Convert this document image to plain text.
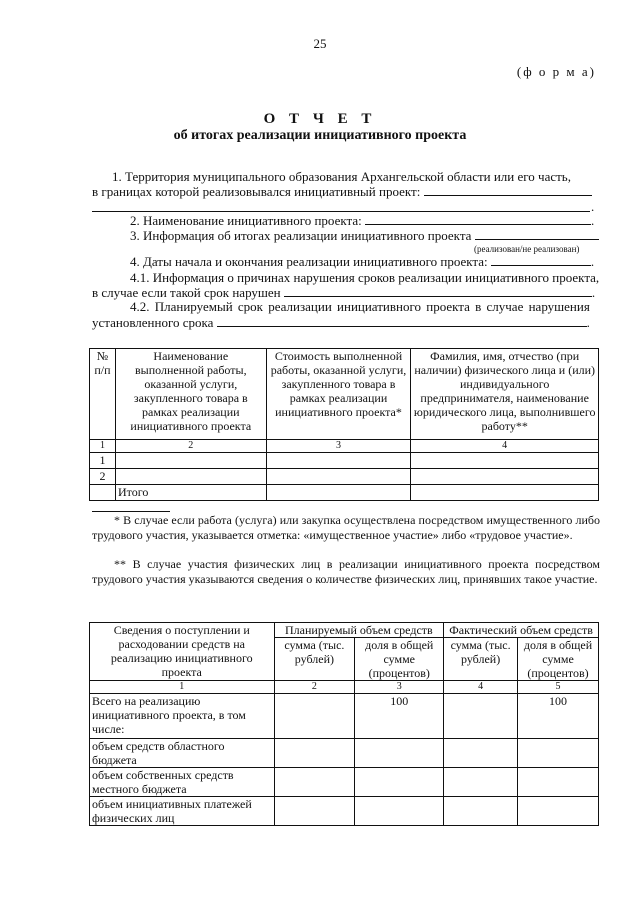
25
(ф о р м а)
О Т Ч Е Т
об итогах реализации инициативного проекта
1. Территория муниципального образования Архангельской области или его часть,
в границах которой реализовывался инициативный проект:
.
2. Наименование инициативного проекта:	.
3. Информация об итогах реализации инициативного проекта
(реализован/не реализован)
4. Даты начала и окончания реализации инициативного проекта:	.
4.1. Информация о причинах нарушения сроков реализации инициативного проекта,
в случае если такой срок нарушен	.
4.2. Планируемый срок реализации инициативного проекта в случае нарушения
установленного срока	.
№ п/п	Наименование выполненной работы, оказанной услуги, закупленного товара в рамках реализации инициативного проекта	Стоимость выполненной работы, оказанной услуги, закупленного товара в рамках реализации инициативного проекта*	Фамилия, имя, отчество (при наличии) физического лица и (или) индивидуального предпринимателя, наименование юридического лица, выполнившего работу**
1	2	3	4
1			
2			
	Итого		
* В случае если работа (услуга) или закупка осуществлена посредством имущественного либо трудового участия, указывается отметка: «имущественное участие» либо «трудовое участие».
** В случае участия физических лиц в реализации инициативного проекта посредством трудового участия указываются сведения о количестве физических лиц, принявших такое участие.
Сведения о поступлении и расходовании средств на реализацию инициативного проекта	Планируемый объем средств		Фактический объем средств	
	сумма (тыс. рублей)	доля в общей сумме (процентов)	сумма (тыс. рублей)	доля в общей сумме (процентов)
1	2	3	4	5
Всего на реализацию инициативного проекта, в том числе:		100		100
объем средств областного бюджета				
объем собственных средств местного бюджета				
объем инициативных платежей физических лиц				
